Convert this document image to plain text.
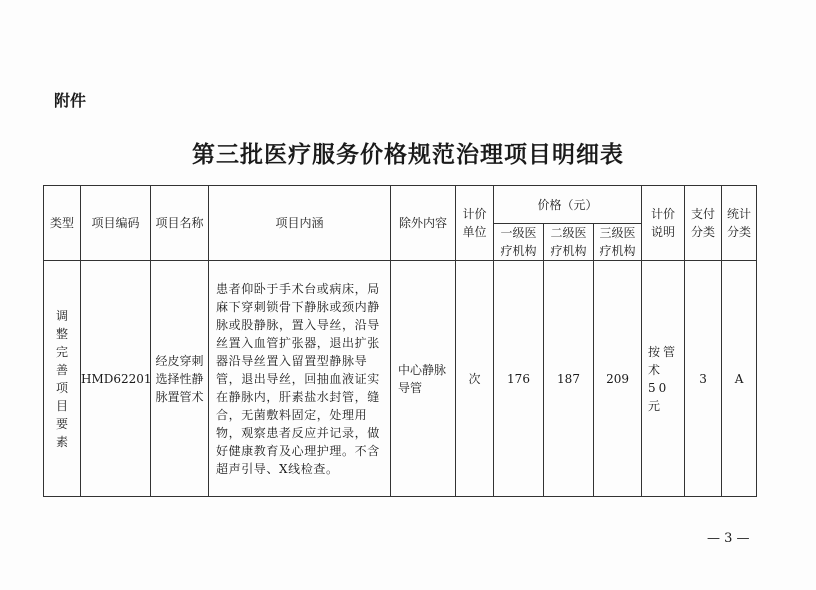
附件
第三批医疗服务价格规范治理项目明细表
类型	项目编码	项目名称	项目内涵	除外内容	计价单位	价格（元）			计价说明	支付分类	统计分类
						一级医疗机构	二级医疗机构	三级医疗机构			
调整完善项目要素	HMD62201	经皮穿刺选择性静脉置管术	患者仰卧于手术台或病床，局麻下穿刺锁骨下静脉或颈内静脉或股静脉，置入导丝，沿导丝置入血管扩张器，退出扩张器沿导丝置入留置型静脉导管，退出导丝，回抽血液证实在静脉内，肝素盐水封管，缝合，无菌敷料固定，处理用物，观察患者反应并记录，做好健康教育及心理护理。不含超声引导、X线检查。	中心静脉导管	次	176	187	209	按管术50元	3	A
— 3 —
